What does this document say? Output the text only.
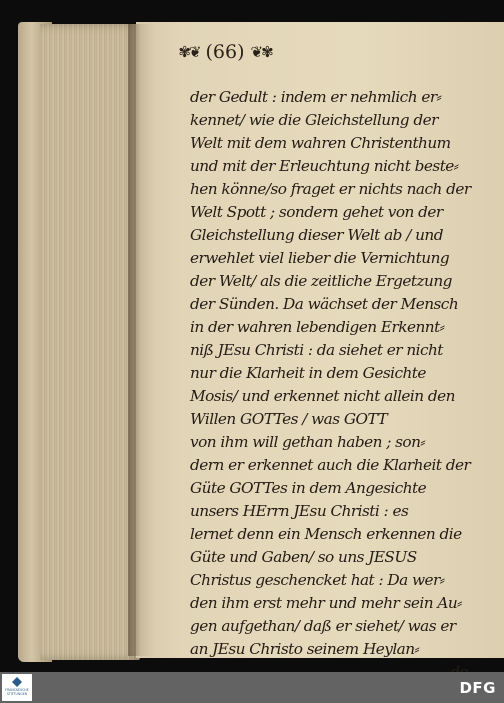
✾❦ (66) ❦✾
der Gedult : indem er nehmlich er⸗
kennet/ wie die Gleichstellung der
Welt mit dem wahren Christenthum
und mit der Erleuchtung nicht beste⸗
hen könne/so fraget er nichts nach der
Welt Spott ; sondern gehet von der
Gleichstellung dieser Welt ab / und
erwehlet viel lieber die Vernichtung
der Welt/ als die zeitliche Ergetzung
der Sünden. Da wächset der Mensch
in der wahren lebendigen Erkennt⸗
niß JEsu Christi : da siehet er nicht
nur die Klarheit in dem Gesichte
Mosis/ und erkennet nicht allein den
Willen GOTTes / was GOTT
von ihm will gethan haben ; son⸗
dern er erkennet auch die Klarheit der
Güte GOTTes in dem Angesichte
unsers HErrn JEsu Christi : es
lernet denn ein Mensch erkennen die
Güte und Gaben/ so uns JESUS
Christus geschencket hat : Da wer⸗
den ihm erst mehr und mehr sein Au⸗
gen aufgethan/ daß er siehet/ was er
an JEsu Christo seinem Heylan⸗
FRANCKESCHE STIFTUNGEN	DFG
